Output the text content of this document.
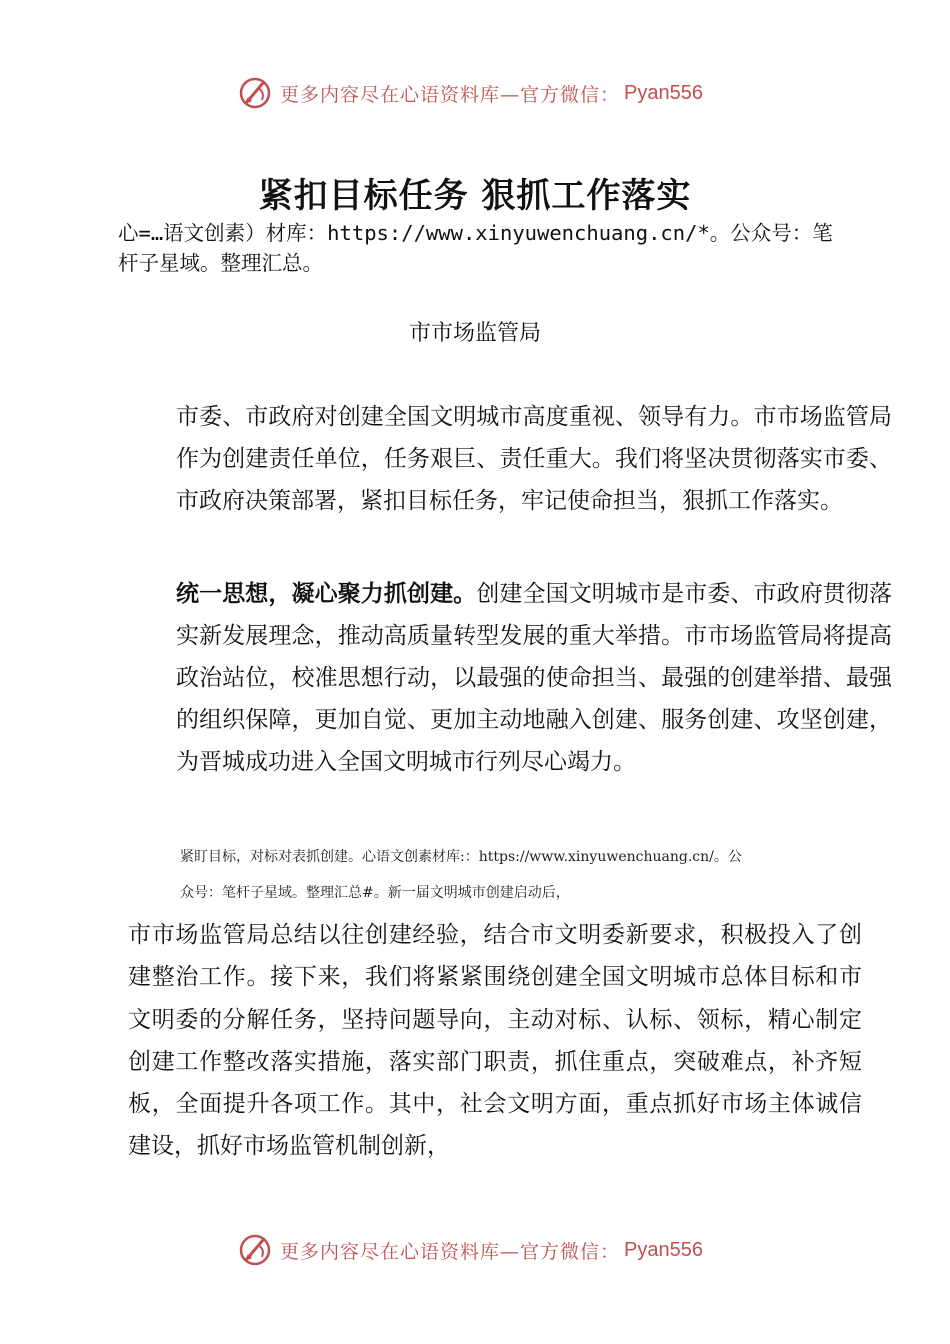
更多内容尽在心语资料库—官方微信： Pyan556
紧扣目标任务 狠抓工作落实
心=…语文创素）材库：https://www.xinyuwenchuang.cn/*。公众号：笔杆子星域。整理汇总。
市市场监管局
市委、市政府对创建全国文明城市高度重视、领导有力。市市场监管局作为创建责任单位，任务艰巨、责任重大。我们将坚决贯彻落实市委、市政府决策部署，紧扣目标任务，牢记使命担当，狠抓工作落实。
统一思想，凝心聚力抓创建。创建全国文明城市是市委、市政府贯彻落实新发展理念，推动高质量转型发展的重大举措。市市场监管局将提高政治站位，校准思想行动，以最强的使命担当、最强的创建举措、最强的组织保障，更加自觉、更加主动地融入创建、服务创建、攻坚创建，为晋城成功进入全国文明城市行列尽心竭力。
紧盯目标，对标对表抓创建。心语文创素材库:：https://www.xinyuwenchuang.cn/。公
众号：笔杆子星域。整理汇总#。新一届文明城市创建启动后，
市市场监管局总结以往创建经验，结合市文明委新要求，积极投入了创建整治工作。接下来，我们将紧紧围绕创建全国文明城市总体目标和市文明委的分解任务，坚持问题导向，主动对标、认标、领标，精心制定创建工作整改落实措施，落实部门职责，抓住重点，突破难点，补齐短板，全面提升各项工作。其中，社会文明方面，重点抓好市场主体诚信建设，抓好市场监管机制创新，
更多内容尽在心语资料库—官方微信： Pyan556
